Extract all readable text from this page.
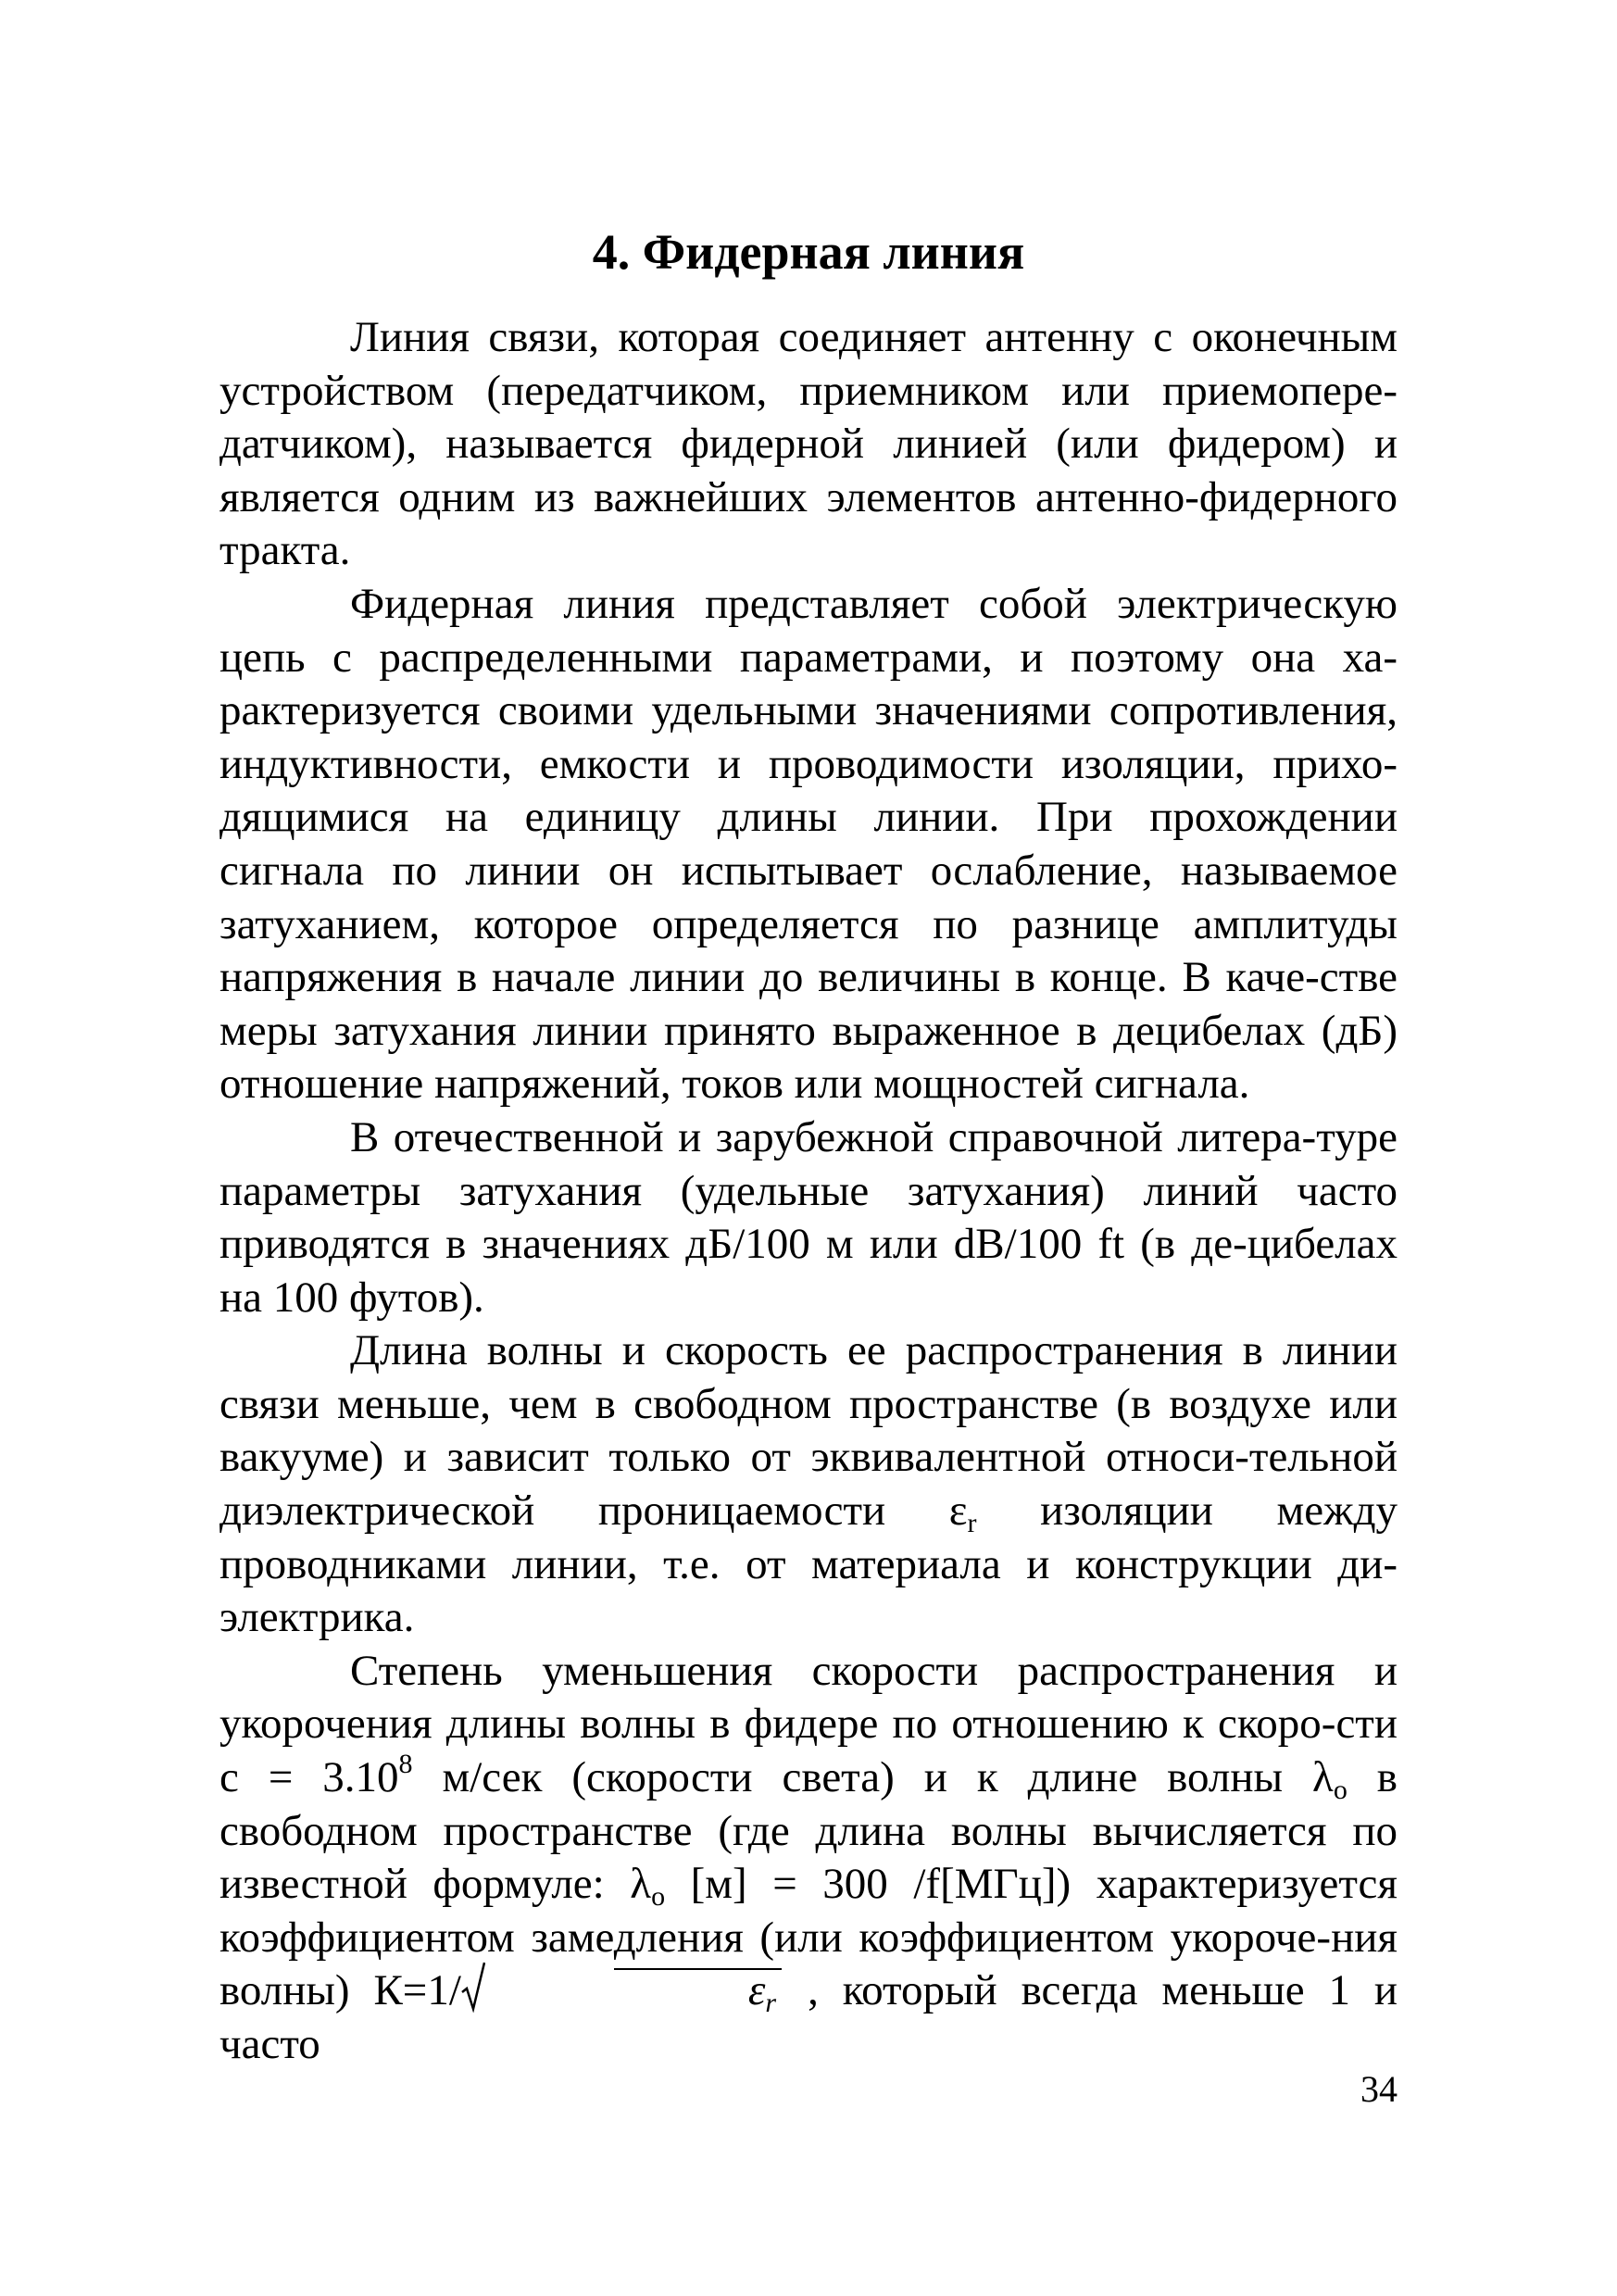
4. Фидерная линия

Линия связи, которая соединяет антенну с оконечным устройством (передатчиком, приемником или приемопере-датчиком), называется фидерной линией (или фидером) и является одним из важнейших элементов антенно-фидерного тракта.

Фидерная линия представляет собой электрическую цепь с распределенными параметрами, и поэтому она ха-рактеризуется своими удельными значениями сопротивления, индуктивности, емкости и проводимости изоляции, прихо-дящимися на единицу длины линии. При прохождении сигнала по линии он испытывает ослабление, называемое затуханием, которое определяется по разнице амплитуды напряжения в начале линии до величины в конце. В каче-стве меры затухания линии принято выраженное в децибелах (дБ) отношение напряжений, токов или мощностей сигнала.

В отечественной и зарубежной справочной литера-туре параметры затухания (удельные затухания) линий часто приводятся в значениях дБ/100 м или dB/100 ft (в де-цибелах на 100 футов).

Длина волны и скорость ее распространения в линии связи меньше, чем в свободном пространстве (в воздухе или вакууме) и зависит только от эквивалентной относи-тельной диэлектрической проницаемости $\varepsilon_r$ изоляции между проводниками линии, т.е. от материала и конструкции ди-электрика.

Степень уменьшения скорости распространения и укорочения длины волны в фидере по отношению к скоро-сти $с = 3.10^8$ м/сек (скорости света) и к длине волны $\lambda_o$ в свободном пространстве (где длина волны вычисляется по известной формуле: $\lambda_o$ [м] = 300 /f[МГц]) характеризуется коэффициентом замедления (или коэффициентом укороче-ния волны) К=1/	$\varepsilon_r$ , который всегда меньше 1 и часто

34
